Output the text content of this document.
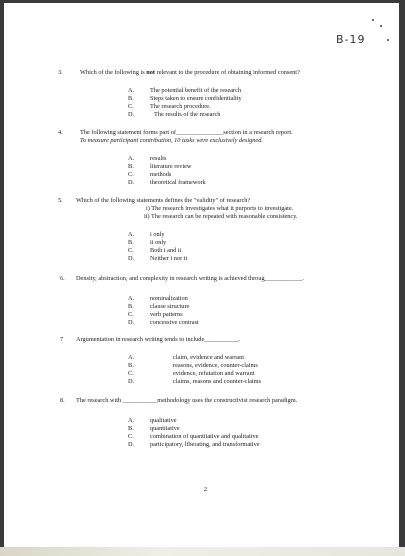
B-19
3.	Which of the following is not relevant to the procedure of obtaining informed consent?
A.	The potential benefit of the research
B.	Steps taken to ensure confidentiality
C.	The research procedure.
D.	The results of the research
4.	The following statement forms part of_______________section in a research report.
To measure participant contribution, 10 tasks were exclusively designed.
A.	results
B.	literature review
C.	methods
D.	theoretical framework
5. Which of the following statements defines the "validity" of research?
i) The research investigates what it purports to investigate.
ii) The research can be repeated with reasonable consistency.
A.	i only
B.	ii only
C.	Both i and ii
D.	Neither i nor ii
6. Density, abstraction, and complexity in research writing is achieved throug____________.
A.	nominalization
B.	clause structure
C.	verb patterns
D.	concessive contrast
7 Argumentation in research writing tends to include___________.
A.	claim, evidence and warrant
B.	reasons, evidence, counter-claims
C.	evidence, refutation and warrant
D.	claims, reasons and counter-claims
8. The research with ___________methodology uses the constructivist research paradigm.
A.	qualitative
B.	quantitative
C.	combination of quantitative and qualitative
D.	participatory, liberating, and transformative
2
